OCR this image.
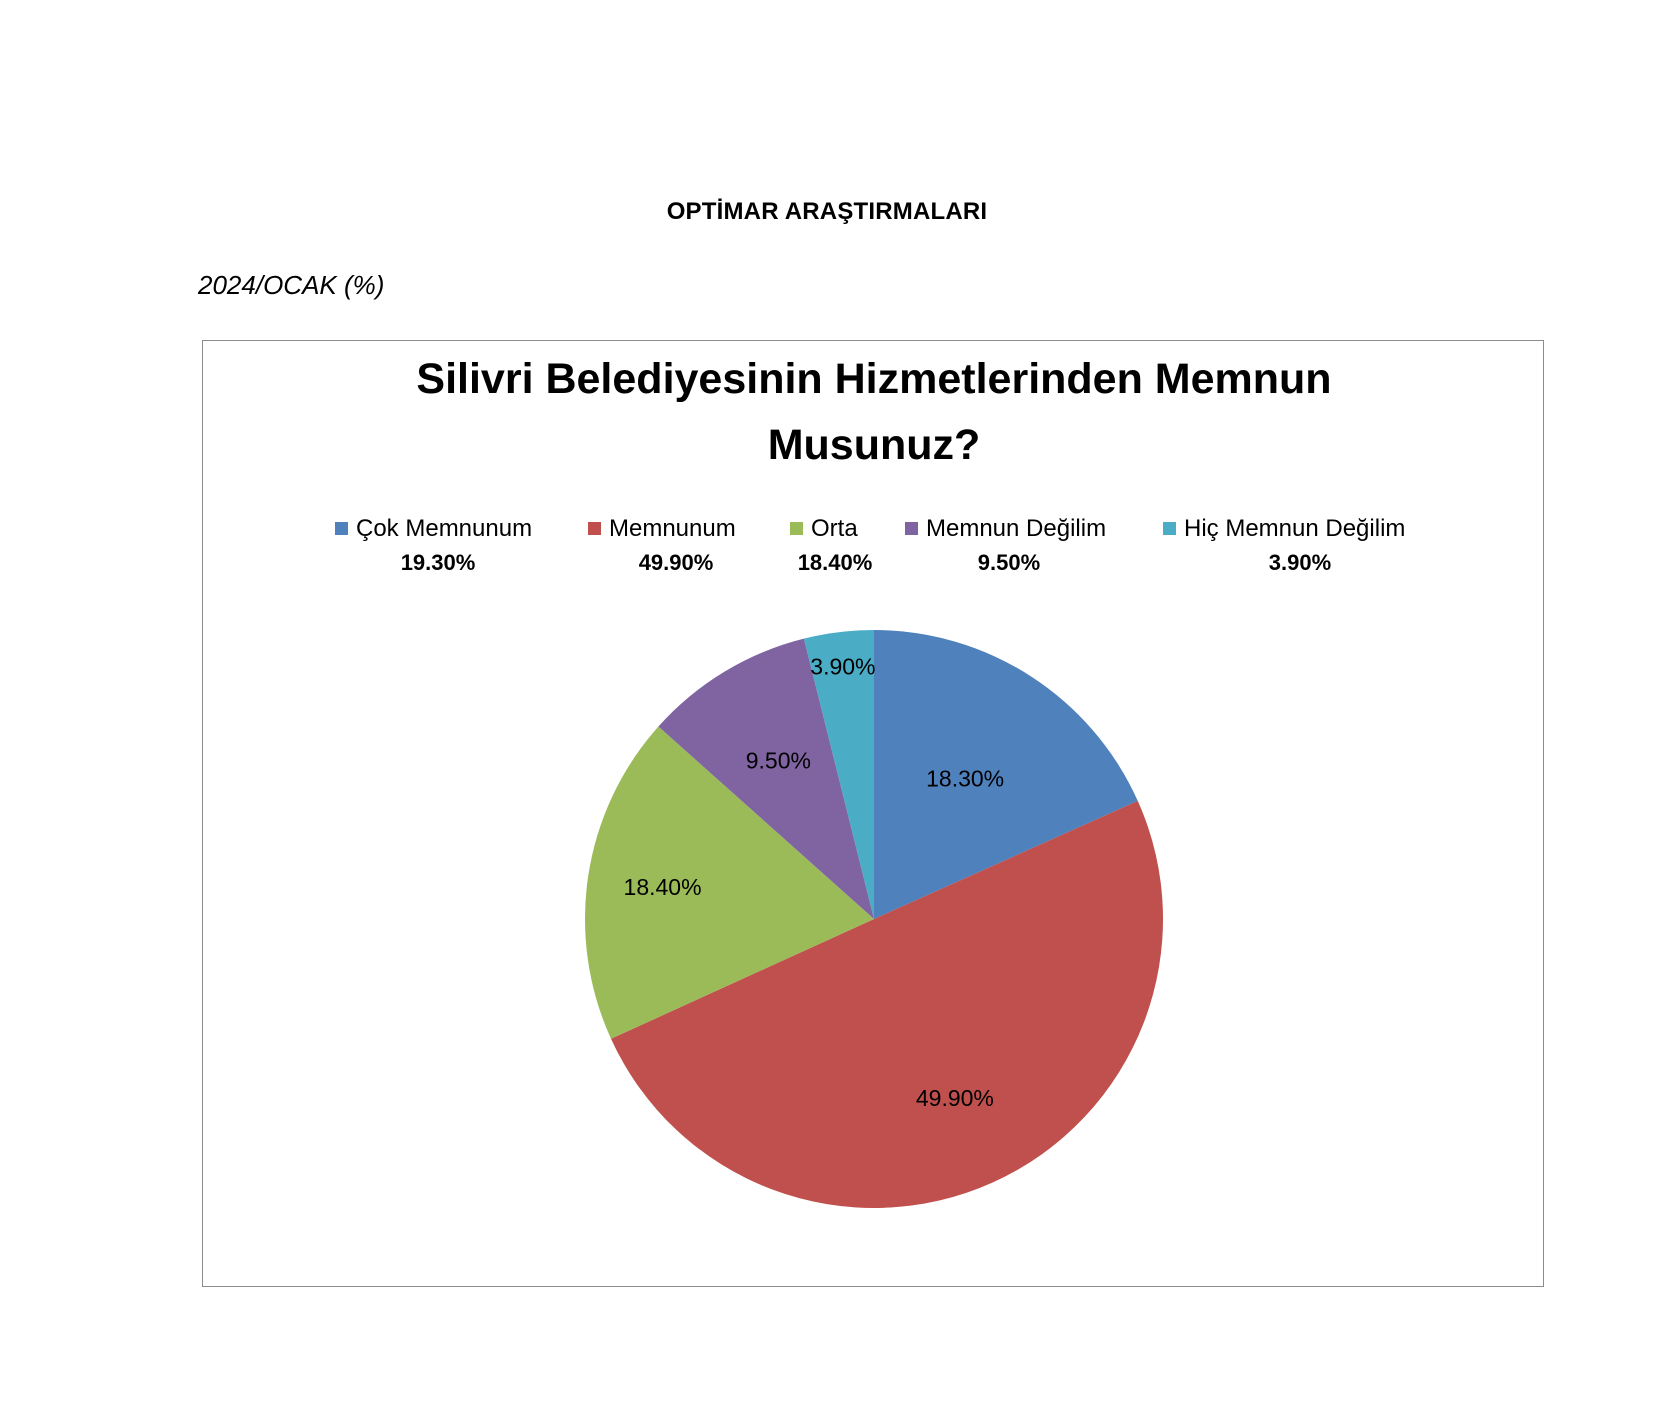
OPTİMAR ARAŞTIRMALARI
2024/OCAK (%)
Silivri Belediyesinin Hizmetlerinden Memnun
Musunuz?
Çok Memnunum
19.30%
Memnunum
49.90%
Orta
18.40%
Memnun Değilim
9.50%
Hiç Memnun Değilim
3.90%
18.30%
49.90%
18.40%
9.50%
3.90%
